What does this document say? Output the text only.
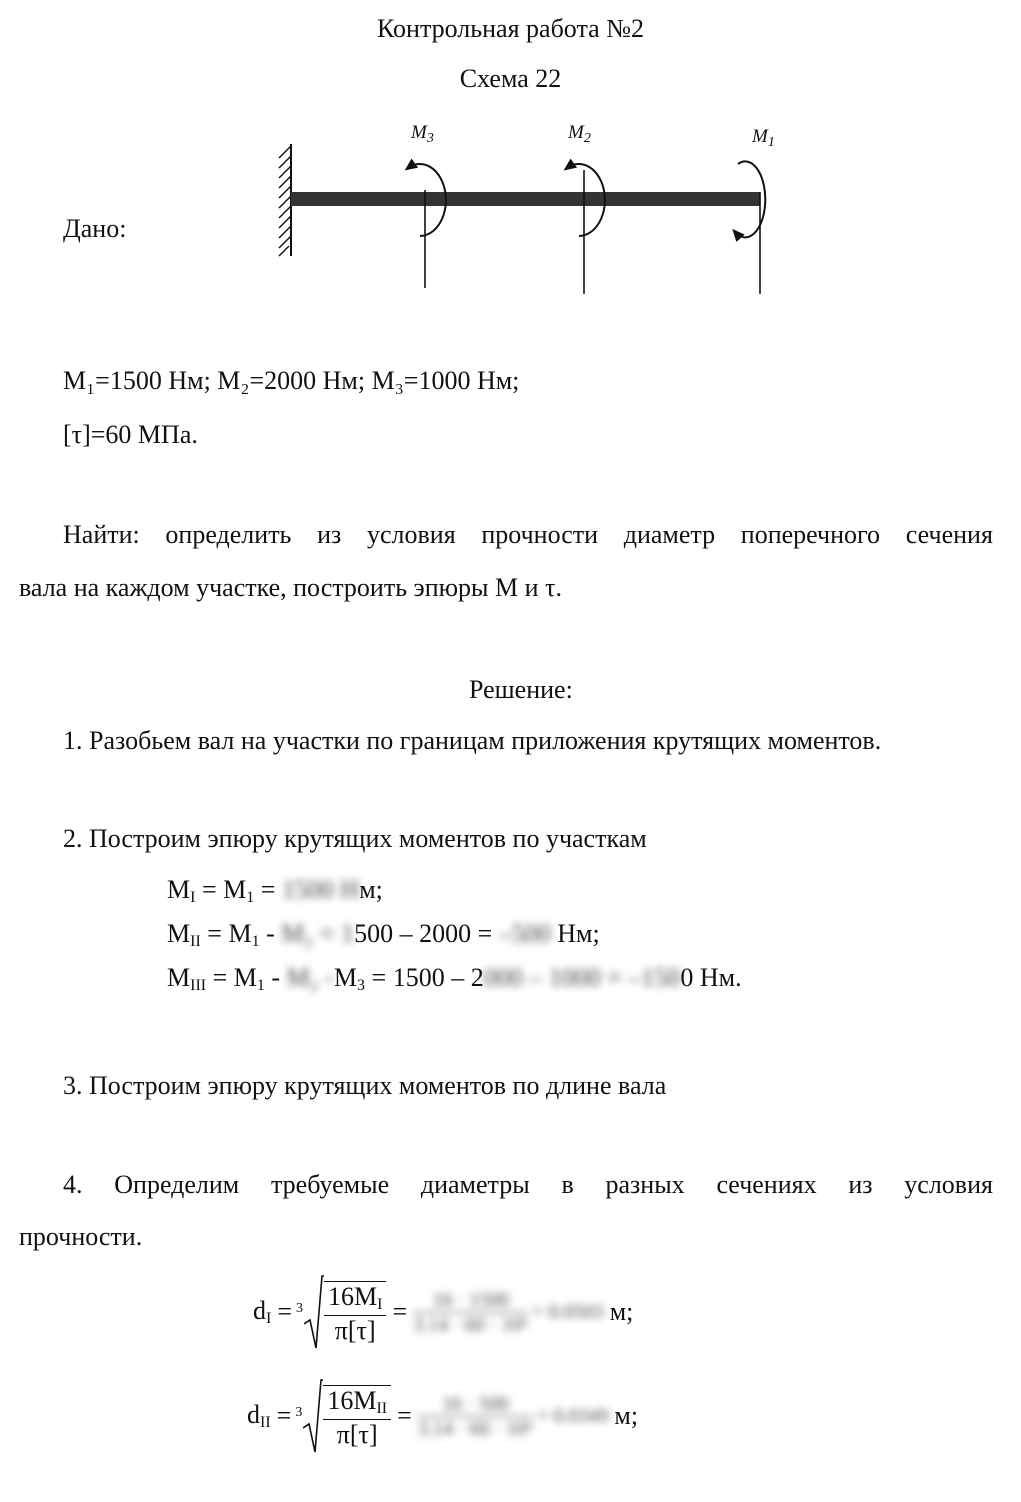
Контрольная работа №2
Схема 22
Дано:
$M_3$	$M_2$	$M_1$
M₁=1500 Нм; M₂=2000 Нм; M₃=1000 Нм;
[τ]=60 МПа.
Найти: определить из условия прочности диаметр поперечного сечения
вала на каждом участке, построить эпюры М и τ.
Решение:
1. Разобьем вал на участки по границам приложения крутящих моментов.
2. Построим эпюру крутящих моментов по участкам
$M_I = M_1 = 1500$ Нм;
$M_{II} = M_1 - M_2 = 1500 - 2000 = -500$ Нм;
$M_{III} = M_1 - M_2$ $-M_3 = 1500 - 2000 - 1000 = -1500$ Нм.
3. Построим эпюру крутящих моментов по длине вала
4. Определим требуемые диаметры в разных сечениях из условия
прочности.
$d_I = 3 \frac{16M_I}{\pi[\tau]} = \frac{16 \cdot 1500}{\text{3.14 · 60 · 10⁶}} = 0.0503$ м;
$d_{II} = 3 \frac{16M_{II}}{\pi[\tau]} = \frac{16 \cdot 500}{\text{3.14 · 60 · 10⁶}} = 0.0349$ м;
